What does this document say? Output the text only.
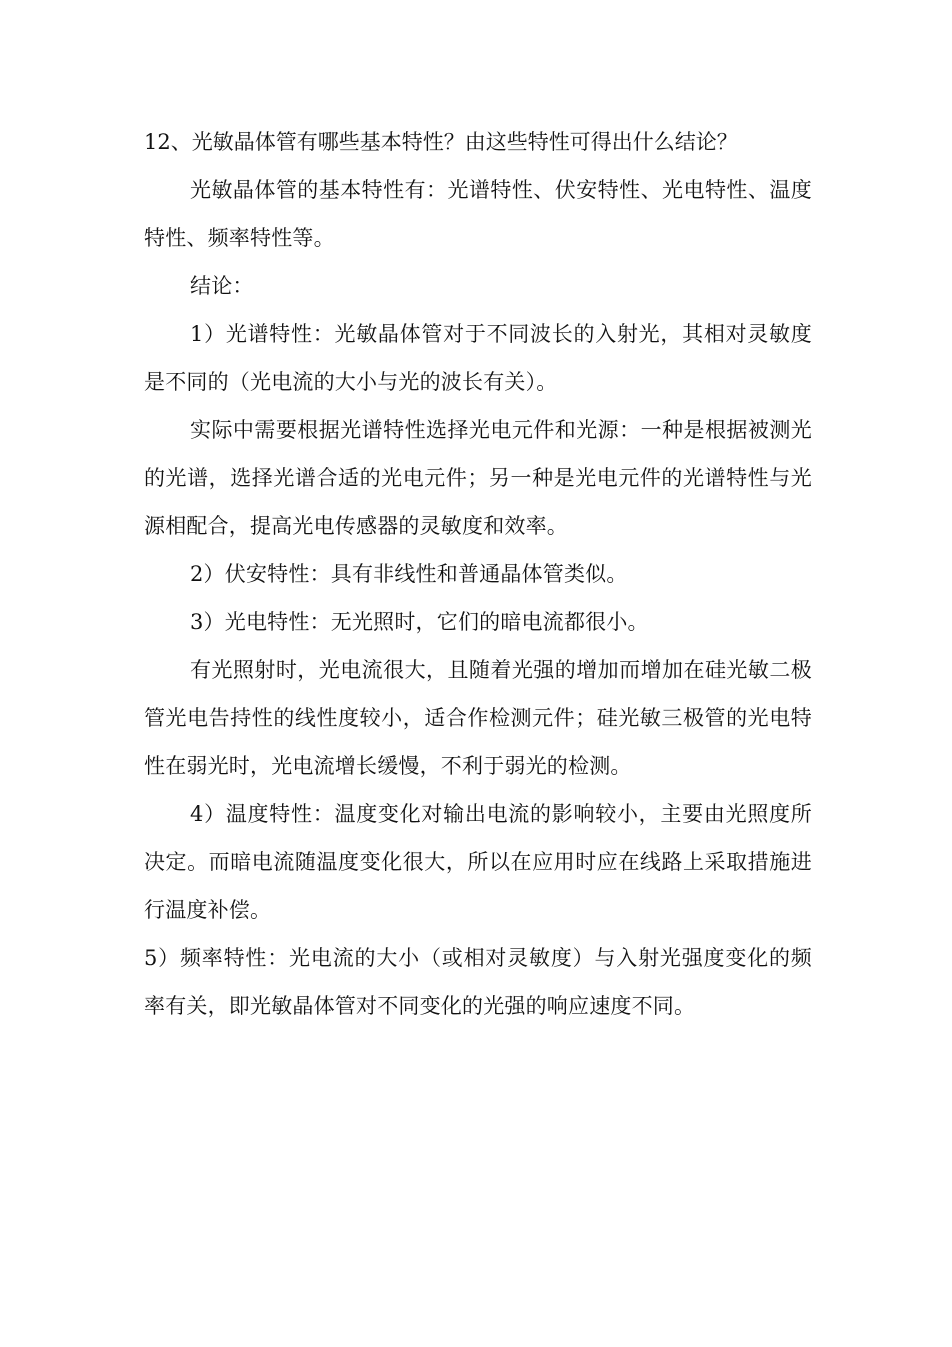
12、光敏晶体管有哪些基本特性？由这些特性可得出什么结论？

光敏晶体管的基本特性有：光谱特性、伏安特性、光电特性、温度特性、频率特性等。

结论：

1）光谱特性：光敏晶体管对于不同波长的入射光，其相对灵敏度是不同的（光电流的大小与光的波长有关）。

实际中需要根据光谱特性选择光电元件和光源：一种是根据被测光的光谱，选择光谱合适的光电元件；另一种是光电元件的光谱特性与光源相配合，提高光电传感器的灵敏度和效率。

2）伏安特性：具有非线性和普通晶体管类似。

3）光电特性：无光照时，它们的暗电流都很小。

有光照射时，光电流很大，且随着光强的增加而增加在硅光敏二极管光电告持性的线性度较小，适合作检测元件；硅光敏三极管的光电特性在弱光时，光电流增长缓慢，不利于弱光的检测。

4）温度特性：温度变化对输出电流的影响较小，主要由光照度所决定。而暗电流随温度变化很大，所以在应用时应在线路上采取措施进行温度补偿。

5）频率特性：光电流的大小（或相对灵敏度）与入射光强度变化的频率有关，即光敏晶体管对不同变化的光强的响应速度不同。
